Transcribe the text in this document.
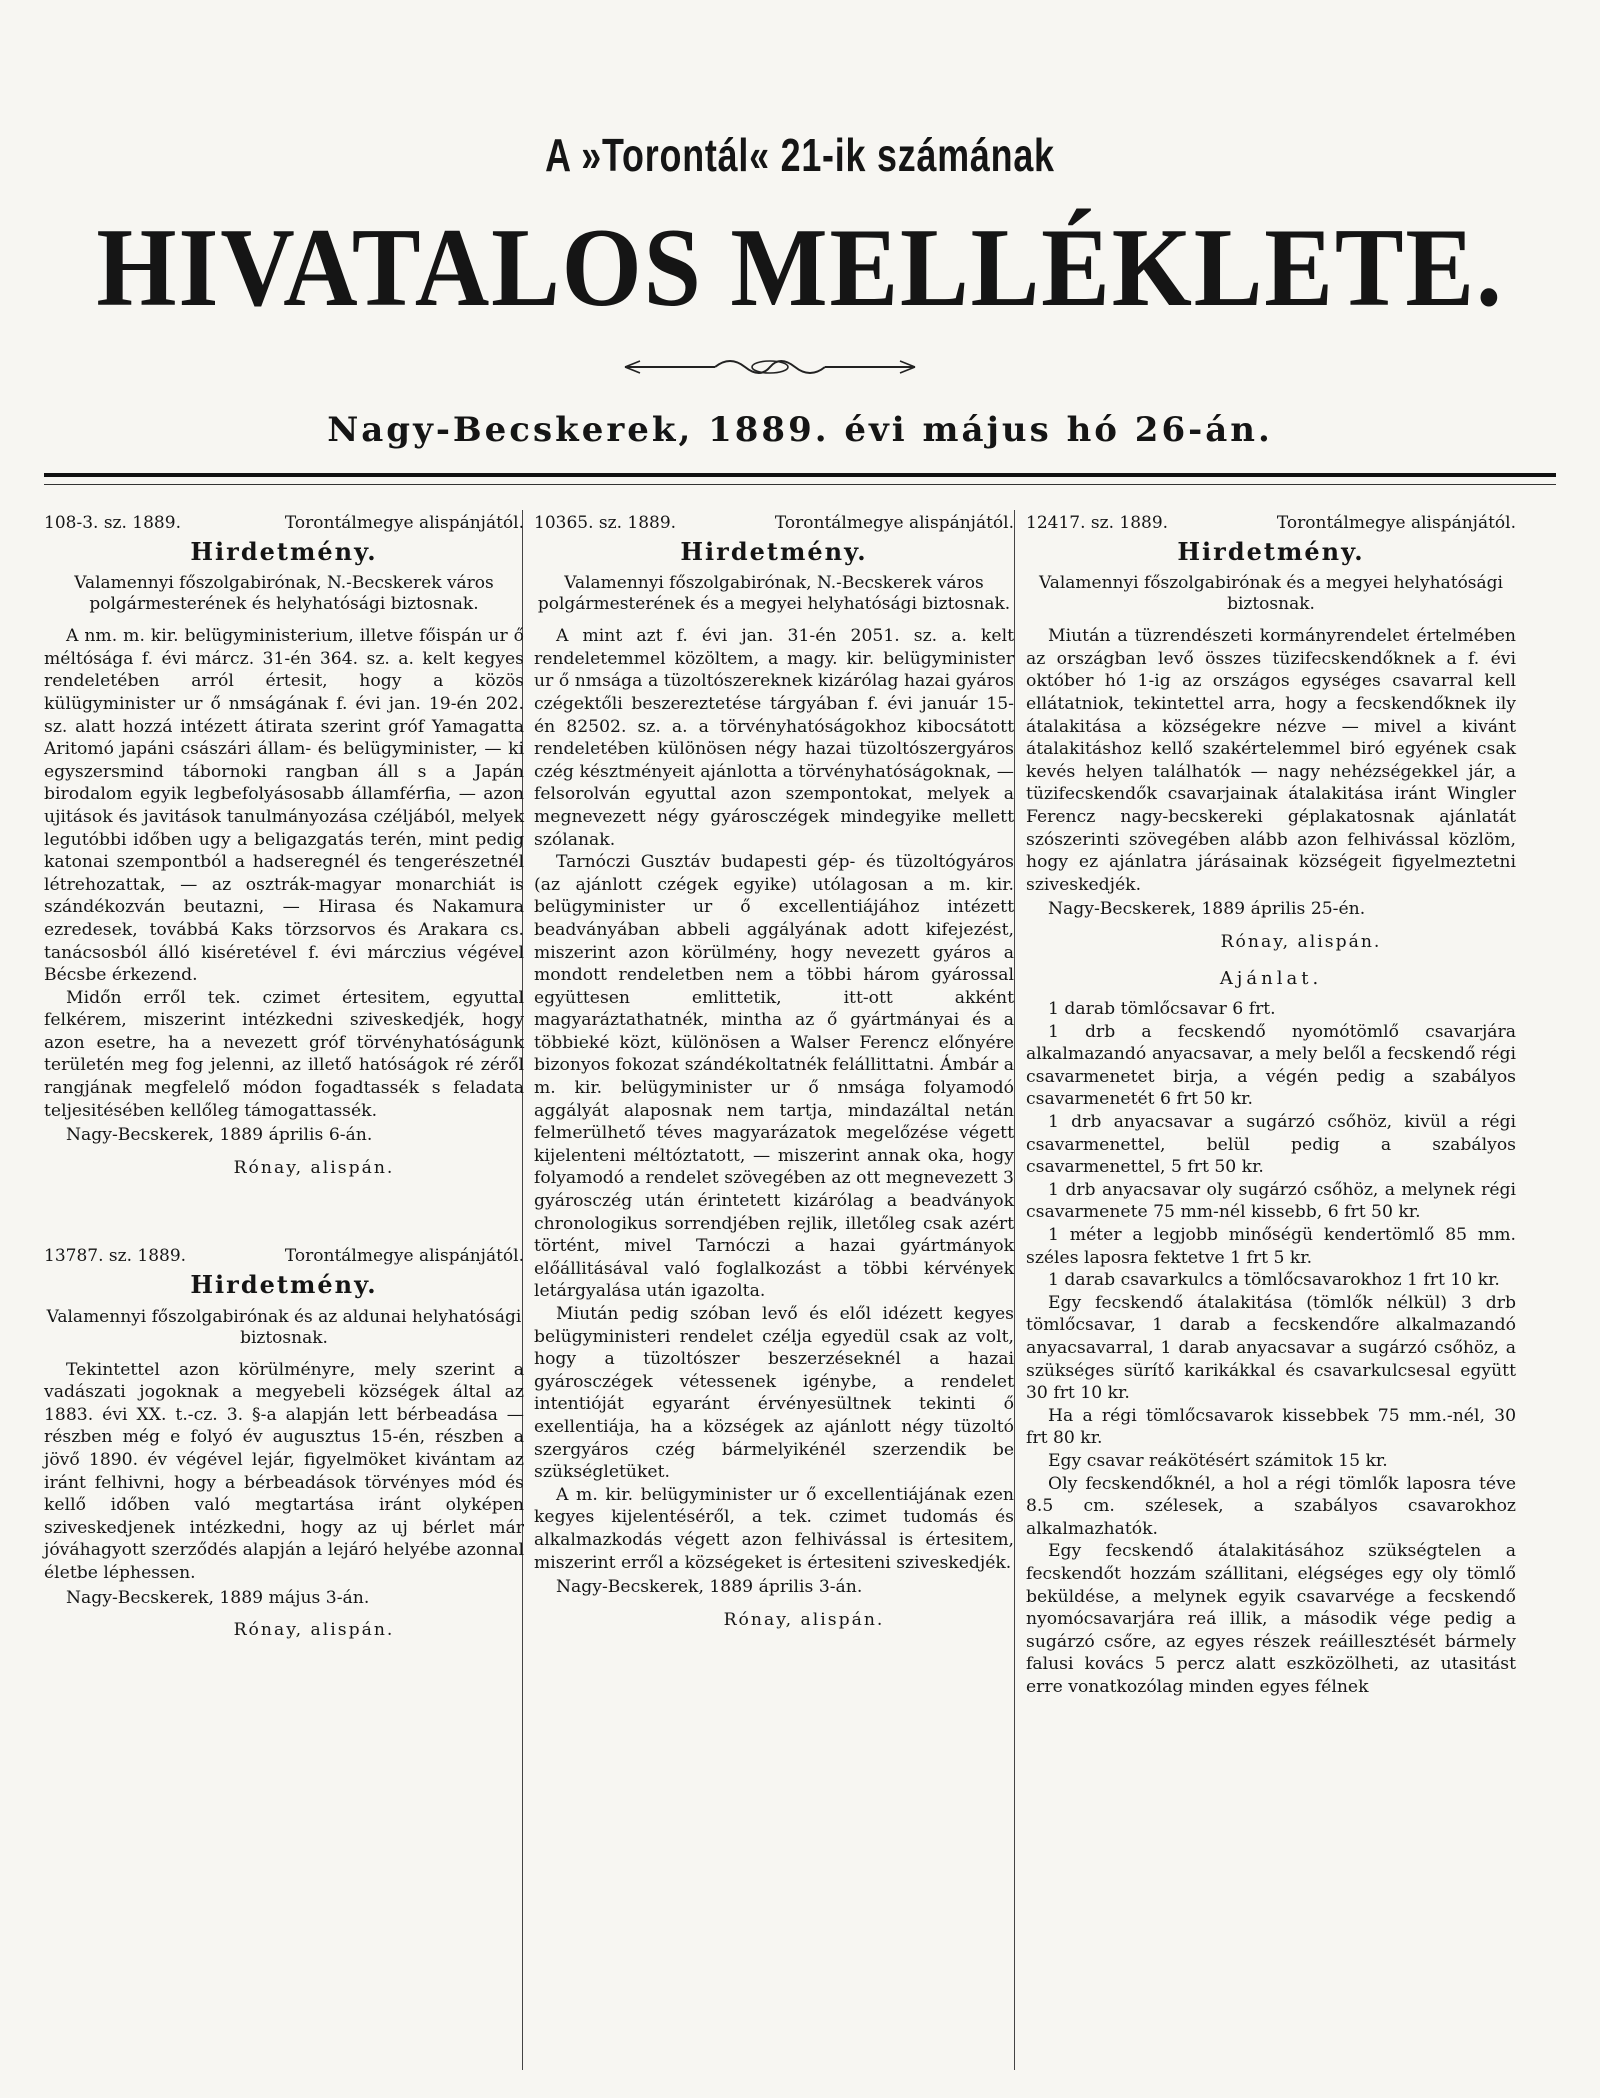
A »Torontál« 21-ik számának
HIVATALOS MELLÉKLETE.
Nagy-Becskerek, 1889. évi május hó 26-án.
108-3. sz. 1889.	Torontálmegye alispánjától.
Hirdetmény.
Valamennyi főszolgabirónak, N.-Becskerek város polgármesterének és helyhatósági biztosnak.

A nm. m. kir. belügyministerium, illetve főispán ur ő méltósága f. évi márcz. 31-én 364. sz. a. kelt kegyes rendeletében arról értesit, hogy a közös külügyminister ur ő nmságának f. évi jan. 19-én 202. sz. alatt hozzá intézett átirata szerint gróf Yamagatta Aritomó japáni császári állam- és belügyminister, — ki egyszersmind tábornoki rangban áll s a Japán birodalom egyik legbefolyásosabb államférfia, — azon ujitások és javitások tanulmányozása czéljából, melyek legutóbbi időben ugy a beligazgatás terén, mint pedig katonai szempontból a hadseregnél és tengerészetnél létrehozattak, — az osztrák-magyar monarchiát is szándékozván beutazni, — Hirasa és Nakamura ezredesek, továbbá Kaks törzsorvos és Arakara cs. tanácsosból álló kiséretével f. évi márczius végével Bécsbe érkezend.

Midőn erről tek. czimet értesitem, egyuttal felkérem, miszerint intézkedni sziveskedjék, hogy azon esetre, ha a nevezett gróf törvényhatóságunk területén meg fog jelenni, az illető hatóságok ré zéről rangjának megfelelő módon fogadtassék s feladata teljesitésében kellőleg támogattassék.

Nagy-Becskerek, 1889 április 6-án.
Rónay, alispán.
13787. sz. 1889.	Torontálmegye alispánjától.
Hirdetmény.
Valamennyi főszolgabirónak és az aldunai helyhatósági biztosnak.

Tekintettel azon körülményre, mely szerint a vadászati jogoknak a megyebeli községek által az 1883. évi XX. t.-cz. 3. §-a alapján lett bérbeadása — részben még e folyó év augusztus 15-én, részben a jövő 1890. év végével lejár, figyelmöket kivántam az iránt felhivni, hogy a bérbeadások törvényes mód és kellő időben való megtartása iránt olyképen sziveskedjenek intézkedni, hogy az uj bérlet már jóváhagyott szerződés alapján a lejáró helyébe azonnal életbe léphessen.

Nagy-Becskerek, 1889 május 3-án.
Rónay, alispán.
10365. sz. 1889.	Torontálmegye alispánjától.
Hirdetmény.
Valamennyi főszolgabirónak, N.-Becskerek város polgármesterének és a megyei helyhatósági biztosnak.

A mint azt f. évi jan. 31-én 2051. sz. a. kelt rendeletemmel közöltem, a magy. kir. belügyminister ur ő nmsága a tüzoltószereknek kizárólag hazai gyáros czégektőli beszereztetése tárgyában f. évi január 15-én 82502. sz. a. a törvényhatóságokhoz kibocsátott rendeletében különösen négy hazai tüzoltószergyáros czég késztményeit ajánlotta a törvényhatóságoknak, — felsorolván egyuttal azon szempontokat, melyek a megnevezett négy gyárosczégek mindegyike mellett szólanak.

Tarnóczi Gusztáv budapesti gép- és tüzoltógyáros (az ajánlott czégek egyike) utólagosan a m. kir. belügyminister ur ő excellentiájához intézett beadványában abbeli aggályának adott kifejezést, miszerint azon körülmény, hogy nevezett gyáros a mondott rendeletben nem a többi három gyárossal együttesen emlittetik, itt-ott akként magyaráztathatnék, mintha az ő gyártmányai és a többieké közt, különösen a Walser Ferencz előnyére bizonyos fokozat szándékoltatnék felállittatni. Ámbár a m. kir. belügyminister ur ő nmsága folyamodó aggályát alaposnak nem tartja, mindazáltal netán felmerülhető téves magyarázatok megelőzése végett kijelenteni méltóztatott, — miszerint annak oka, hogy folyamodó a rendelet szövegében az ott megnevezett 3 gyárosczég után érintetett kizárólag a beadványok chronologikus sorrendjében rejlik, illetőleg csak azért történt, mivel Tarnóczi a hazai gyártmányok előállitásával való foglalkozást a többi kérvények letárgyalása után igazolta.

Miután pedig szóban levő és elől idézett kegyes belügyministeri rendelet czélja egyedül csak az volt, hogy a tüzoltószer beszerzéseknél a hazai gyárosczégek vétessenek igénybe, a rendelet intentióját egyaránt érvényesültnek tekinti ő exellentiája, ha a községek az ajánlott négy tüzoltó szergyáros czég bármelyikénél szerzendik be szükségletüket.

A m. kir. belügyminister ur ő excellentiájának ezen kegyes kijelentéséről, a tek. czimet tudomás és alkalmazkodás végett azon felhivással is értesitem, miszerint erről a községeket is értesiteni sziveskedjék.

Nagy-Becskerek, 1889 április 3-án.
Rónay, alispán.
12417. sz. 1889.	Torontálmegye alispánjától.
Hirdetmény.
Valamennyi főszolgabirónak és a megyei helyhatósági biztosnak.

Miután a tüzrendészeti kormányrendelet értelmében az országban levő összes tüzifecskendőknek a f. évi október hó 1-ig az országos egységes csavarral kell ellátatniok, tekintettel arra, hogy a fecskendőknek ily átalakitása a községekre nézve — mivel a kivánt átalakitáshoz kellő szakértelemmel biró egyének csak kevés helyen találhatók — nagy nehézségekkel jár, a tüzifecskendők csavarjainak átalakitása iránt Wingler Ferencz nagy-becskereki géplakatosnak ajánlatát szószerinti szövegében alább azon felhivással közlöm, hogy ez ajánlatra járásainak községeit figyelmeztetni sziveskedjék.

Nagy-Becskerek, 1889 április 25-én.
Rónay, alispán.
Ajánlat.

1 darab tömlőcsavar 6 frt.

1 drb a fecskendő nyomótömlő csavarjára alkalmazandó anyacsavar, a mely belől a fecskendő régi csavarmenetet birja, a végén pedig a szabályos csavarmenetét 6 frt 50 kr.

1 drb anyacsavar a sugárzó csőhöz, kivül a régi csavarmenettel, belül pedig a szabályos csavarmenettel, 5 frt 50 kr.

1 drb anyacsavar oly sugárzó csőhöz, a melynek régi csavarmenete 75 mm-nél kissebb, 6 frt 50 kr.

1 méter a legjobb minőségü kendertömlő 85 mm. széles laposra fektetve 1 frt 5 kr.

1 darab csavarkulcs a tömlőcsavarokhoz 1 frt 10 kr.

Egy fecskendő átalakitása (tömlők nélkül) 3 drb tömlőcsavar, 1 darab a fecskendőre alkalmazandó anyacsavarral, 1 darab anyacsavar a sugárzó csőhöz, a szükséges sürítő karikákkal és csavarkulcsesal együtt 30 frt 10 kr.

Ha a régi tömlőcsavarok kissebbek 75 mm.-nél, 30 frt 80 kr.

Egy csavar reákötésért számitok 15 kr.

Oly fecskendőknél, a hol a régi tömlők laposra téve 8.5 cm. szélesek, a szabályos csavarokhoz alkalmazhatók.

Egy fecskendő átalakitásához szükségtelen a fecskendőt hozzám szállitani, elégséges egy oly tömlő beküldése, a melynek egyik csavarvége a fecskendő nyomócsavarjára reá illik, a második vége pedig a sugárzó csőre, az egyes részek reáillesztését bármely falusi kovács 5 percz alatt eszközölheti, az utasitást erre vonatkozólag minden egyes félnek
